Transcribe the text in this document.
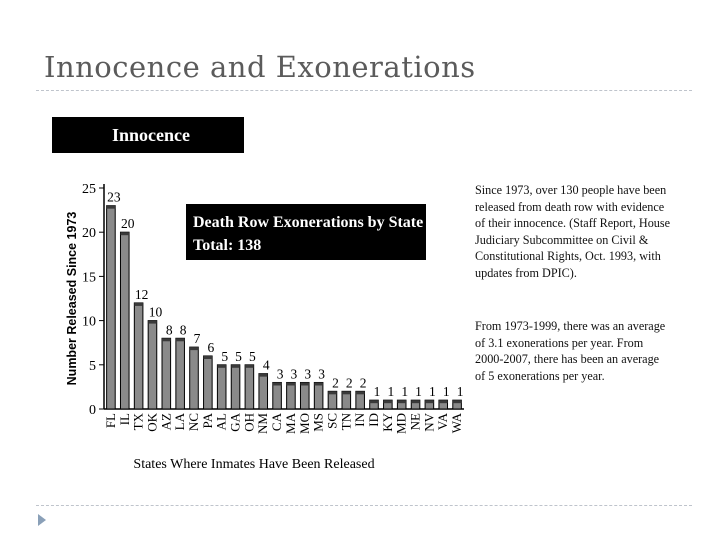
Innocence and Exonerations
Innocence
0
5
10
15
20
25
Number Released Since 1973
23
FL
20
IL
12
TX
10
OK
8
AZ
8
LA
7
NC
6
PA
5
AL
5
GA
5
OH
4
NM
3
CA
3
MA
3
MO
3
MS
2
SC
2
TN
2
IN
1
ID
1
KY
1
MD
1
NE
1
NV
1
VA
1
WA
Death Row Exonerations by State
Total: 138
States Where Inmates Have Been Released
Since 1973, over 130 people have been released from death row with evidence of their innocence. (Staff Report, House Judiciary Subcommittee on Civil & Constitutional Rights, Oct. 1993, with updates from DPIC).
From 1973-1999, there was an average of 3.1 exonerations per year. From 2000-2007, there has been an average of 5 exonerations per year.
